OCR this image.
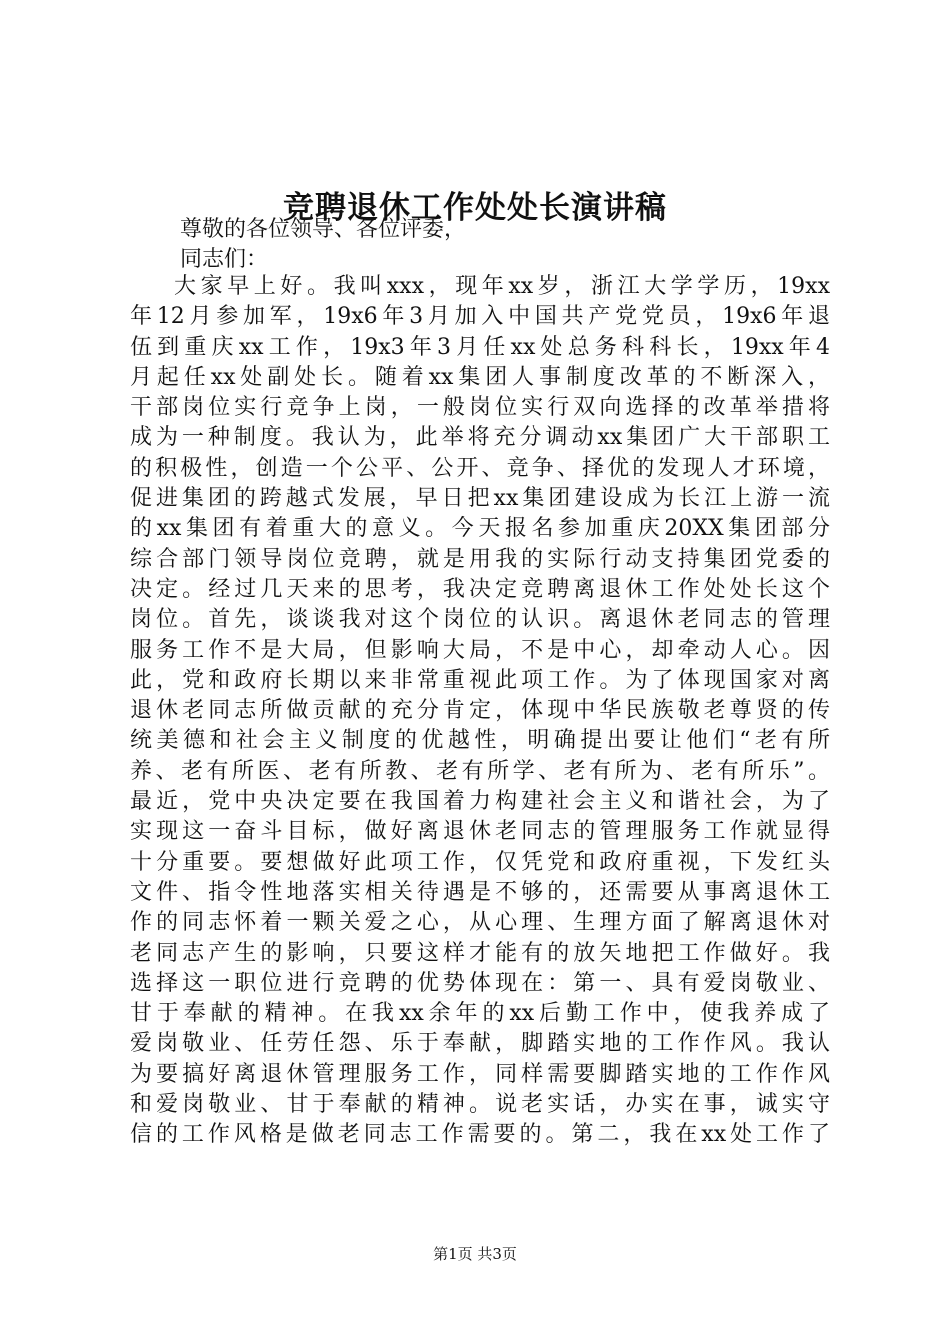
竞聘退休工作处处长演讲稿

尊敬的各位领导、各位评委，

同志们：

大家早上好。我叫xxx，现年xx岁，浙江大学学历，19xx
年12月参加军，19x6年3月加入中国共产党党员，19x6年退
伍到重庆xx工作，19x3年3月任xx处总务科科长，19xx年4
月起任xx处副处长。随着xx集团人事制度改革的不断深入，
干部岗位实行竞争上岗，一般岗位实行双向选择的改革举措将
成为一种制度。我认为，此举将充分调动xx集团广大干部职工
的积极性，创造一个公平、公开、竞争、择优的发现人才环境，
促进集团的跨越式发展，早日把xx集团建设成为长江上游一流
的xx集团有着重大的意义。今天报名参加重庆20XX集团部分
综合部门领导岗位竞聘，就是用我的实际行动支持集团党委的
决定。经过几天来的思考，我决定竞聘离退休工作处处长这个
岗位。首先，谈谈我对这个岗位的认识。离退休老同志的管理
服务工作不是大局，但影响大局，不是中心，却牵动人心。因
此，党和政府长期以来非常重视此项工作。为了体现国家对离
退休老同志所做贡献的充分肯定，体现中华民族敬老尊贤的传
统美德和社会主义制度的优越性，明确提出要让他们“老有所
养、老有所医、老有所教、老有所学、老有所为、老有所乐”。
最近，党中央决定要在我国着力构建社会主义和谐社会，为了
实现这一奋斗目标，做好离退休老同志的管理服务工作就显得
十分重要。要想做好此项工作，仅凭党和政府重视，下发红头
文件、指令性地落实相关待遇是不够的，还需要从事离退休工
作的同志怀着一颗关爱之心，从心理、生理方面了解离退休对
老同志产生的影响，只要这样才能有的放矢地把工作做好。我
选择这一职位进行竞聘的优势体现在：第一、具有爱岗敬业、
甘于奉献的精神。在我xx余年的xx后勤工作中，使我养成了
爱岗敬业、任劳任怨、乐于奉献，脚踏实地的工作作风。我认
为要搞好离退休管理服务工作，同样需要脚踏实地的工作作风
和爱岗敬业、甘于奉献的精神。说老实话，办实在事，诚实守
信的工作风格是做老同志工作需要的。第二，我在xx处工作了

第1页 共3页
